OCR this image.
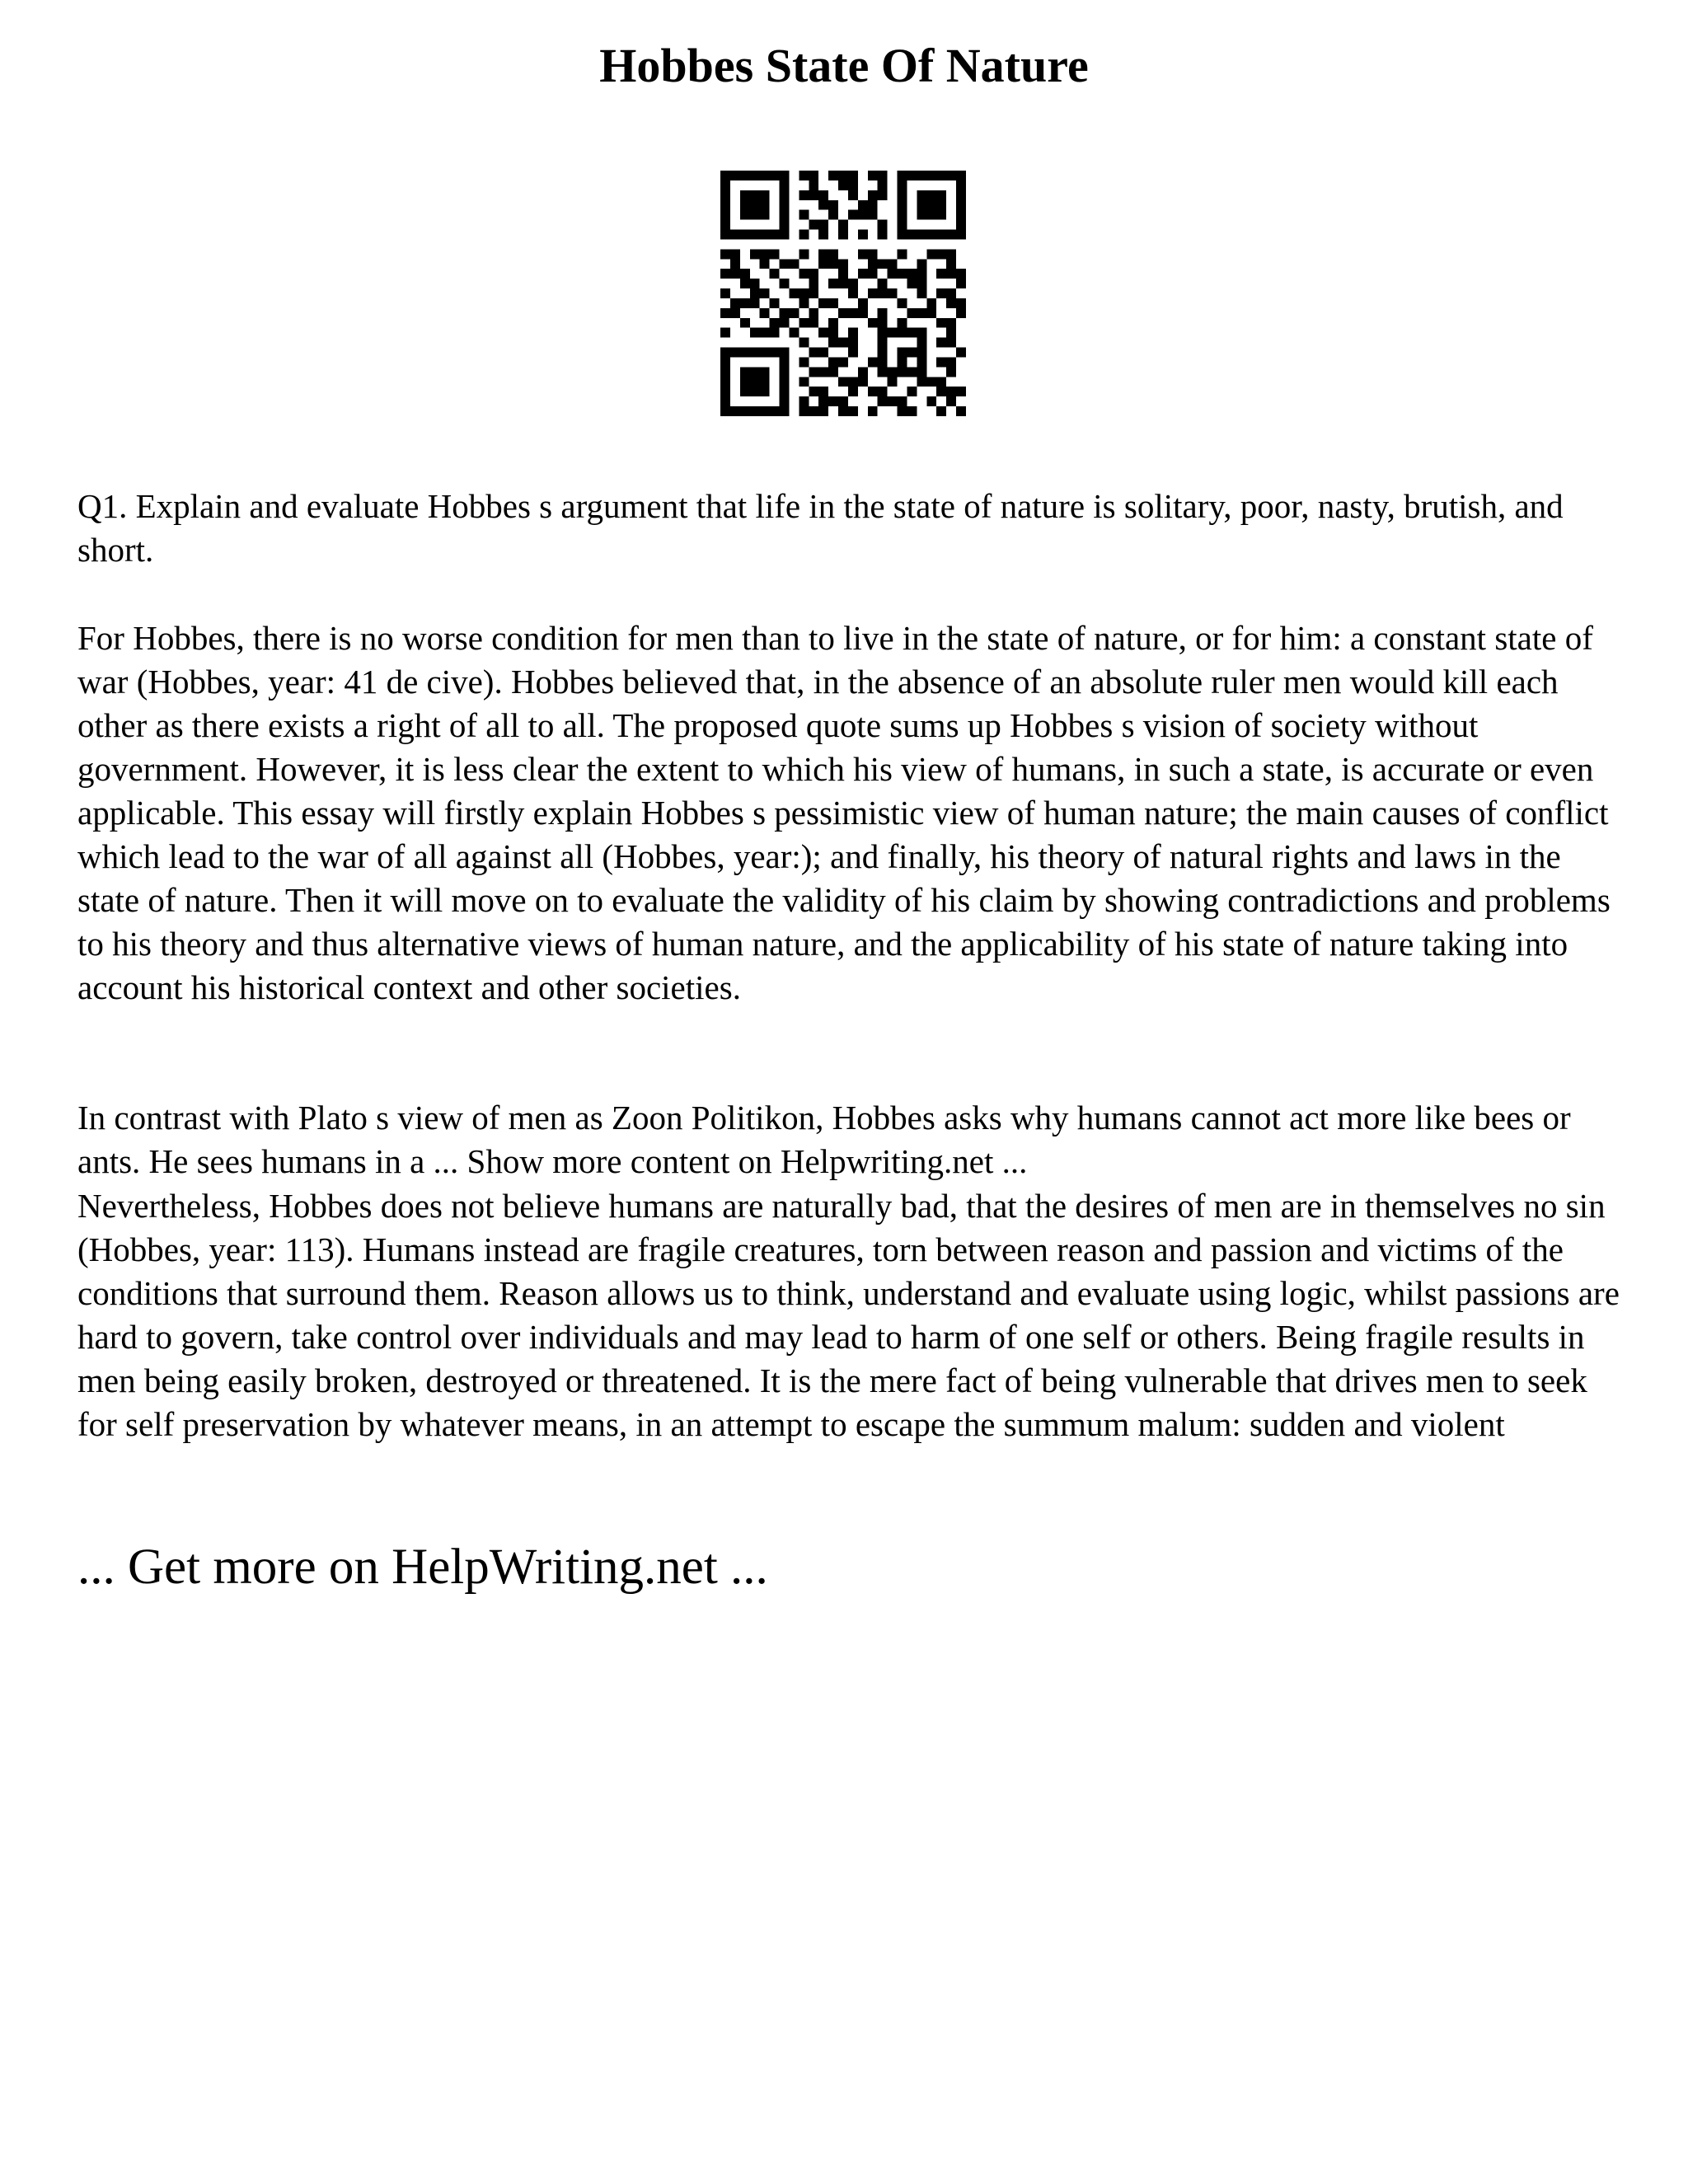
Hobbes State Of Nature

Q1. Explain and evaluate Hobbes s argument that life in the state of nature is solitary, poor, nasty, brutish, and short.

For Hobbes, there is no worse condition for men than to live in the state of nature, or for him: a constant state of war (Hobbes, year: 41 de cive). Hobbes believed that, in the absence of an absolute ruler men would kill each other as there exists a right of all to all. The proposed quote sums up Hobbes s vision of society without government. However, it is less clear the extent to which his view of humans, in such a state, is accurate or even applicable. This essay will firstly explain Hobbes s pessimistic view of human nature; the main causes of conflict which lead to the war of all against all (Hobbes, year:); and finally, his theory of natural rights and laws in the state of nature. Then it will move on to evaluate the validity of his claim by showing contradictions and problems to his theory and thus alternative views of human nature, and the applicability of his state of nature taking into account his historical context and other societies.

In contrast with Plato s view of men as Zoon Politikon, Hobbes asks why humans cannot act more like bees or ants. He sees humans in a ... Show more content on Helpwriting.net ...

Nevertheless, Hobbes does not believe humans are naturally bad, that the desires of men are in themselves no sin (Hobbes, year: 113). Humans instead are fragile creatures, torn between reason and passion and victims of the conditions that surround them. Reason allows us to think, understand and evaluate using logic, whilst passions are hard to govern, take control over individuals and may lead to harm of one self or others. Being fragile results in men being easily broken, destroyed or threatened. It is the mere fact of being vulnerable that drives men to seek for self preservation by whatever means, in an attempt to escape the summum malum: sudden and violent

... Get more on HelpWriting.net ...
